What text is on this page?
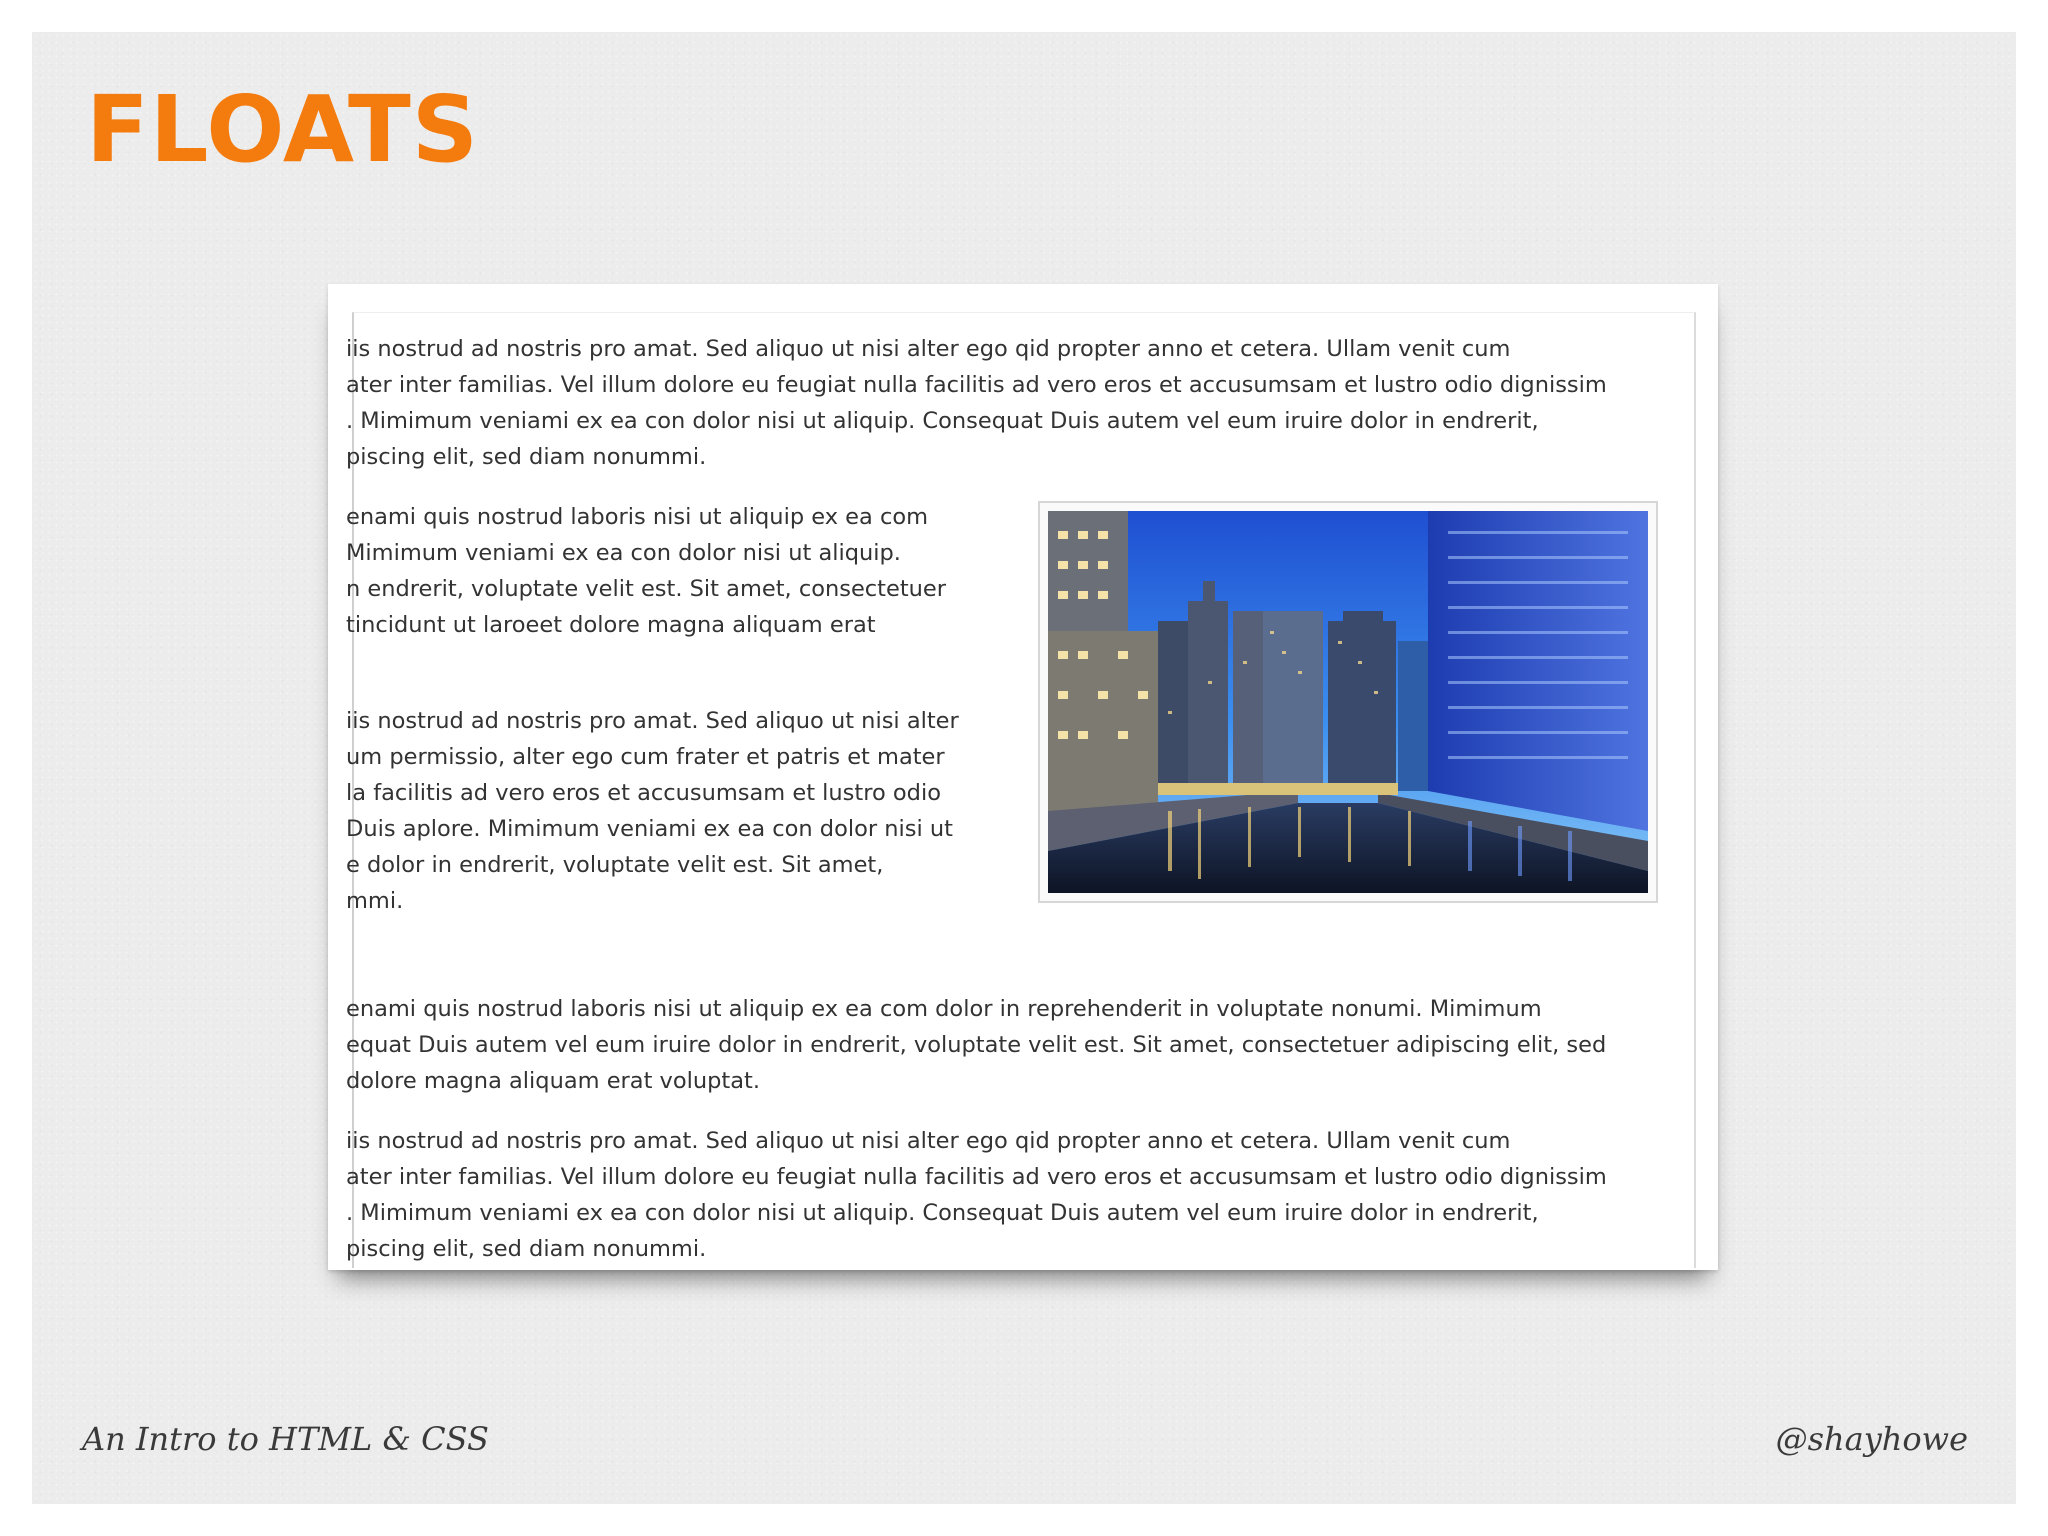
FLOATS

iis nostrud ad nostris pro amat. Sed aliquo ut nisi alter ego qid propter anno et cetera. Ullam venit cum
ater inter familias. Vel illum dolore eu feugiat nulla facilitis ad vero eros et accusumsam et lustro odio dignissim
. Mimimum veniami ex ea con dolor nisi ut aliquip. Consequat Duis autem vel eum iruire dolor in endrerit,
piscing elit, sed diam nonummi.

enami quis nostrud laboris nisi ut aliquip ex ea com
Mimimum veniami ex ea con dolor nisi ut aliquip.
n endrerit, voluptate velit est. Sit amet, consectetuer
tincidunt ut laroeet dolore magna aliquam erat

iis nostrud ad nostris pro amat. Sed aliquo ut nisi alter
um permissio, alter ego cum frater et patris et mater
la facilitis ad vero eros et accusumsam et lustro odio
Duis aplore. Mimimum veniami ex ea con dolor nisi ut
e dolor in endrerit, voluptate velit est. Sit amet,
mmi.

enami quis nostrud laboris nisi ut aliquip ex ea com dolor in reprehenderit in voluptate nonumi. Mimimum
equat Duis autem vel eum iruire dolor in endrerit, voluptate velit est. Sit amet, consectetuer adipiscing elit, sed
dolore magna aliquam erat voluptat.

iis nostrud ad nostris pro amat. Sed aliquo ut nisi alter ego qid propter anno et cetera. Ullam venit cum
ater inter familias. Vel illum dolore eu feugiat nulla facilitis ad vero eros et accusumsam et lustro odio dignissim
. Mimimum veniami ex ea con dolor nisi ut aliquip. Consequat Duis autem vel eum iruire dolor in endrerit,
piscing elit, sed diam nonummi.

An Intro to HTML & CSS	@shayhowe
